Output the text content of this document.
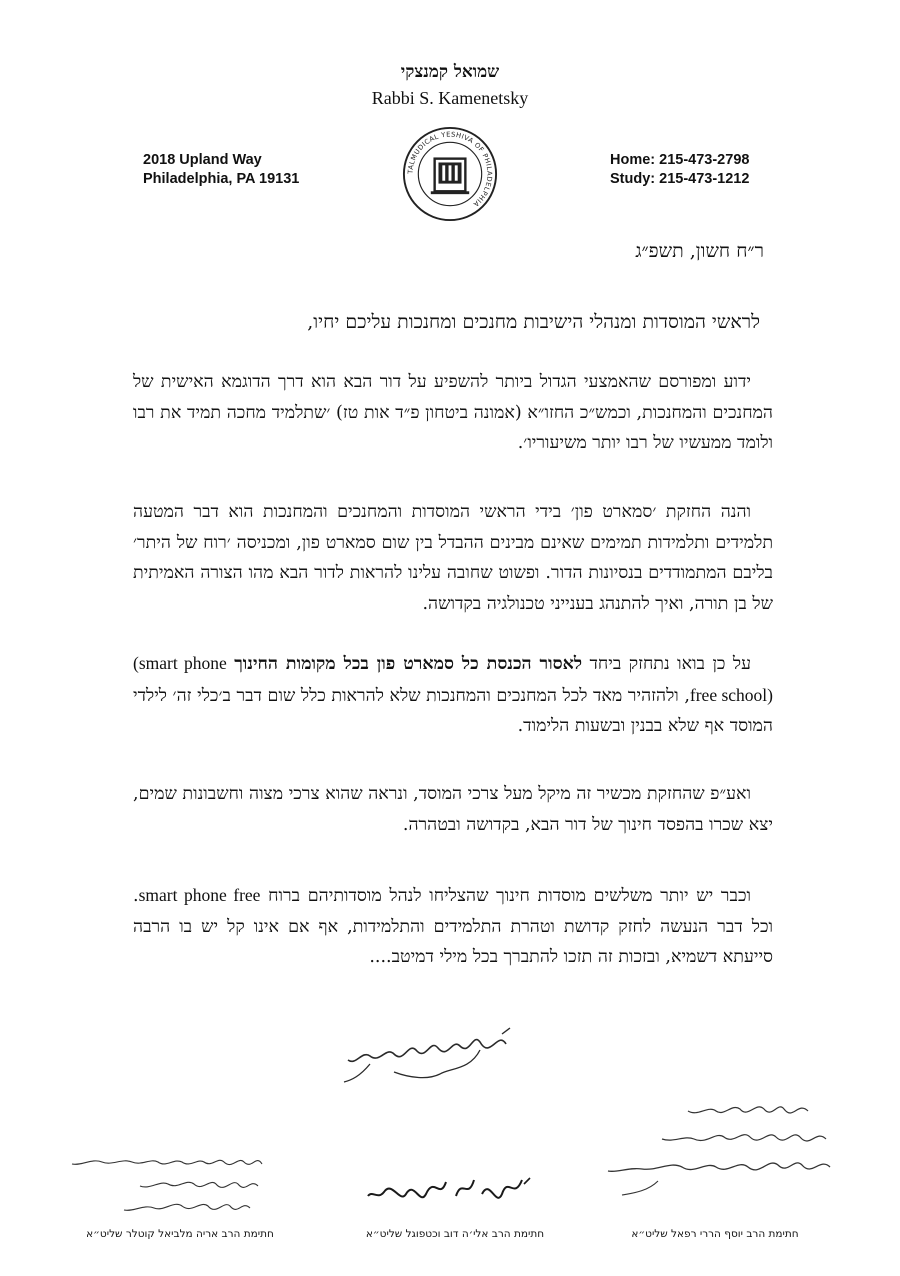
שמואל קמנצקי
Rabbi S. Kamenetsky
2018 Upland Way
Philadelphia, PA 19131
Home: 215-473-2798
Study: 215-473-1212
TALMUDICAL YESHIVA OF PHILADELPHIA
ר״ח חשון, תשפ״ג
לראשי המוסדות ומנהלי הישיבות מחנכים ומחנכות עליכם יחיו,
ידוע ומפורסם שהאמצעי הגדול ביותר להשפיע על דור הבא הוא דרך הדוגמא האישית של המחנכים והמחנכות, וכמש״כ החזו״א (אמונה ביטחון פ״ד אות טז) ׳שתלמיד מחכה תמיד את רבו ולומד ממעשיו של רבו יותר משיעוריו׳.
והנה החזקת ׳סמארט פון׳ בידי הראשי המוסדות והמחנכים והמחנכות הוא דבר המטעה תלמידים ותלמידות תמימים שאינם מבינים ההבדל בין שום סמארט פון, ומכניסה ׳רוח של היתר׳ בליבם המתמודדים בנסיונות הדור. ופשוט שחובה עלינו להראות לדור הבא מהו הצורה האמיתית של בן תורה, ואיך להתנהג בענייני טכנולגיה בקדושה.
על כן בואו נתחזק ביחד לאסור הכנסת כל סמארט פון בכל מקומות החינוך (smart phone free school), ולהזהיר מאד לכל המחנכים והמחנכות שלא להראות כלל שום דבר ב׳כלי זה׳ לילדי המוסד אף שלא בבנין ובשעות הלימוד.
ואע״פ שהחזקת מכשיר זה מיקל מעל צרכי המוסד, ונראה שהוא צרכי מצוה וחשבונות שמים, יצא שכרו בהפסד חינוך של דור הבא, בקדושה ובטהרה.
וכבר יש יותר משלשים מוסדות חינוך שהצליחו לנהל מוסדותיהם ברוח smart phone free. וכל דבר הנעשה לחזק קדושת וטהרת התלמידים והתלמידות, אף אם אינו קל יש בו הרבה סייעתא דשמיא, ובזכות זה תזכו להתברך בכל מילי דמיטב....
חתימת הרב אריה מלביאל קוטלר שליט״א	חתימת הרב אלי׳ה דוב וכטפוגל שליט״א	חתימת הרב יוסף הררי רפאל שליט״א
